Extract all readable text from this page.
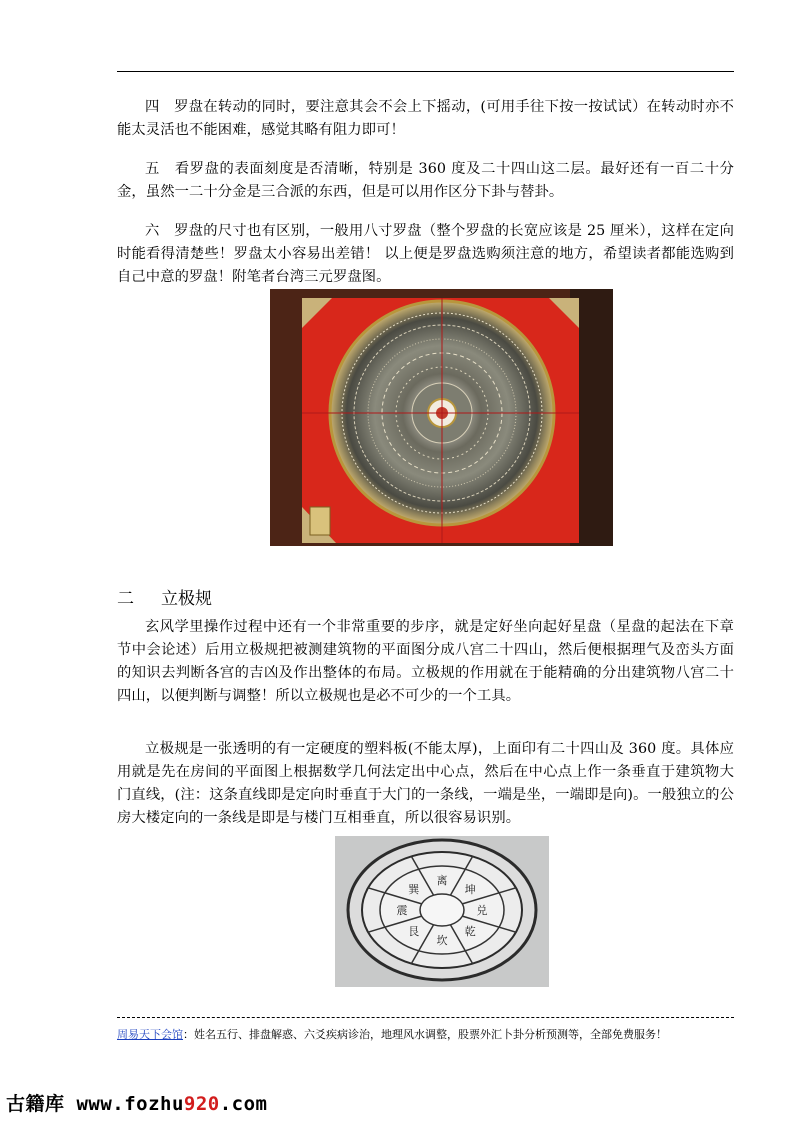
四　罗盘在转动的同时，要注意其会不会上下摇动，(可用手往下按一按试试）在转动时亦不能太灵活也不能困难，感觉其略有阻力即可！

五　看罗盘的表面刻度是否清晰，特别是 360 度及二十四山这二层。最好还有一百二十分金，虽然一二十分金是三合派的东西，但是可以用作区分下卦与替卦。

六　罗盘的尺寸也有区别，一般用八寸罗盘（整个罗盘的长宽应该是 25 厘米），这样在定向时能看得清楚些！罗盘太小容易出差错！ 以上便是罗盘选购须注意的地方，希望读者都能选购到自己中意的罗盘！附笔者台湾三元罗盘图。

二 立极规

玄风学里操作过程中还有一个非常重要的步序，就是定好坐向起好星盘（星盘的起法在下章节中会论述）后用立极规把被测建筑物的平面图分成八宫二十四山，然后便根据理气及峦头方面的知识去判断各宫的吉凶及作出整体的布局。立极规的作用就在于能精确的分出建筑物八宫二十四山，以便判断与调整！所以立极规也是必不可少的一个工具。

立极规是一张透明的有一定硬度的塑料板(不能太厚)，上面印有二十四山及 360 度。具体应用就是先在房间的平面图上根据数学几何法定出中心点，然后在中心点上作一条垂直于建筑物大门直线，(注：这条直线即是定向时垂直于大门的一条线，一端是坐，一端即是向)。一般独立的公房大楼定向的一条线是即是与楼门互相垂直，所以很容易识别。

离
坤
兑
乾
坎
艮
震
巽
周易天下会馆：姓名五行、排盘解惑、六爻疾病诊治，地理风水调整，股票外汇卜卦分析预测等，全部免费服务！
古籍库 www.fozhu920.com
